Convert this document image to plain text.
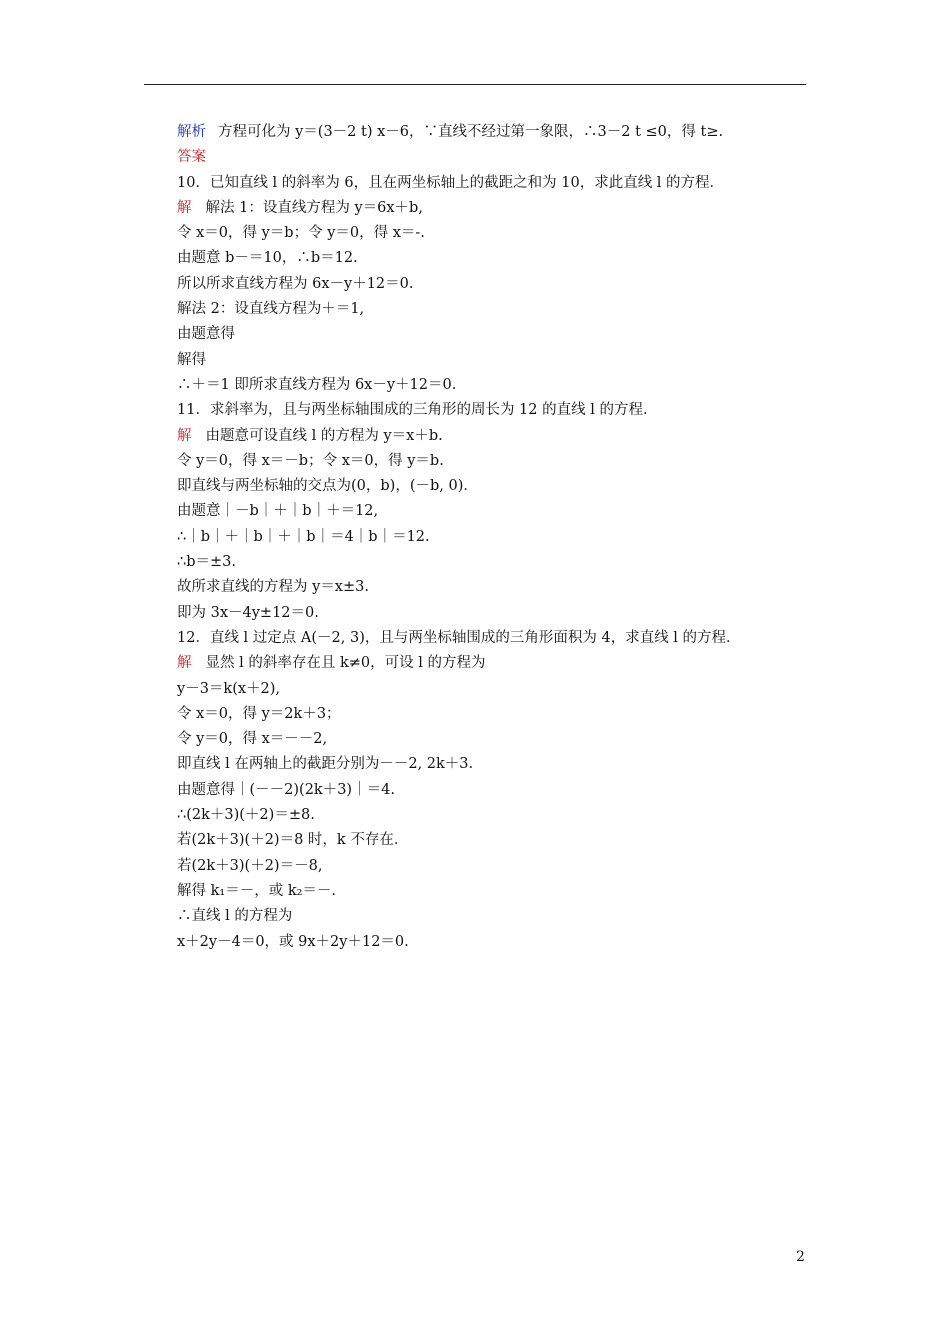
解析 方程可化为 y＝(3－2 t) x－6，∵直线不经过第一象限，∴3－2 t ≤0，得 t≥.
答案
10．已知直线 l 的斜率为 6，且在两坐标轴上的截距之和为 10，求此直线 l 的方程．
解 解法 1：设直线方程为 y＝6x＋b,
令 x＝0，得 y＝b；令 y＝0，得 x＝-.
由题意 b－＝10，∴b＝12.
所以所求直线方程为 6x－y＋12＝0.
解法 2：设直线方程为＋＝1,
由题意得
解得
∴＋＝1 即所求直线方程为 6x－y＋12＝0.
11．求斜率为，且与两坐标轴围成的三角形的周长为 12 的直线 l 的方程．
解 由题意可设直线 l 的方程为 y＝x＋b.
令 y＝0，得 x＝－b；令 x＝0，得 y＝b.
即直线与两坐标轴的交点为(0，b)，(－b, 0)．
由题意｜－b｜＋｜b｜＋＝12,
∴｜b｜＋｜b｜＋｜b｜＝4｜b｜＝12.
∴b＝±3.
故所求直线的方程为 y＝x±3.
即为 3x－4y±12＝0.
12．直线 l 过定点 A(－2, 3)，且与两坐标轴围成的三角形面积为 4，求直线 l 的方程．
解 显然 l 的斜率存在且 k≠0，可设 l 的方程为
y－3＝k(x＋2),
令 x＝0，得 y＝2k＋3；
令 y＝0，得 x＝－－2,
即直线 l 在两轴上的截距分别为－－2, 2k＋3.
由题意得｜(－－2)(2k＋3)｜＝4.
∴(2k＋3)(＋2)＝±8.
若(2k＋3)(＋2)＝8 时，k 不存在．
若(2k＋3)(＋2)＝－8,
解得 k₁＝－，或 k₂＝－.
∴直线 l 的方程为
x＋2y－4＝0，或 9x＋2y＋12＝0.
2
